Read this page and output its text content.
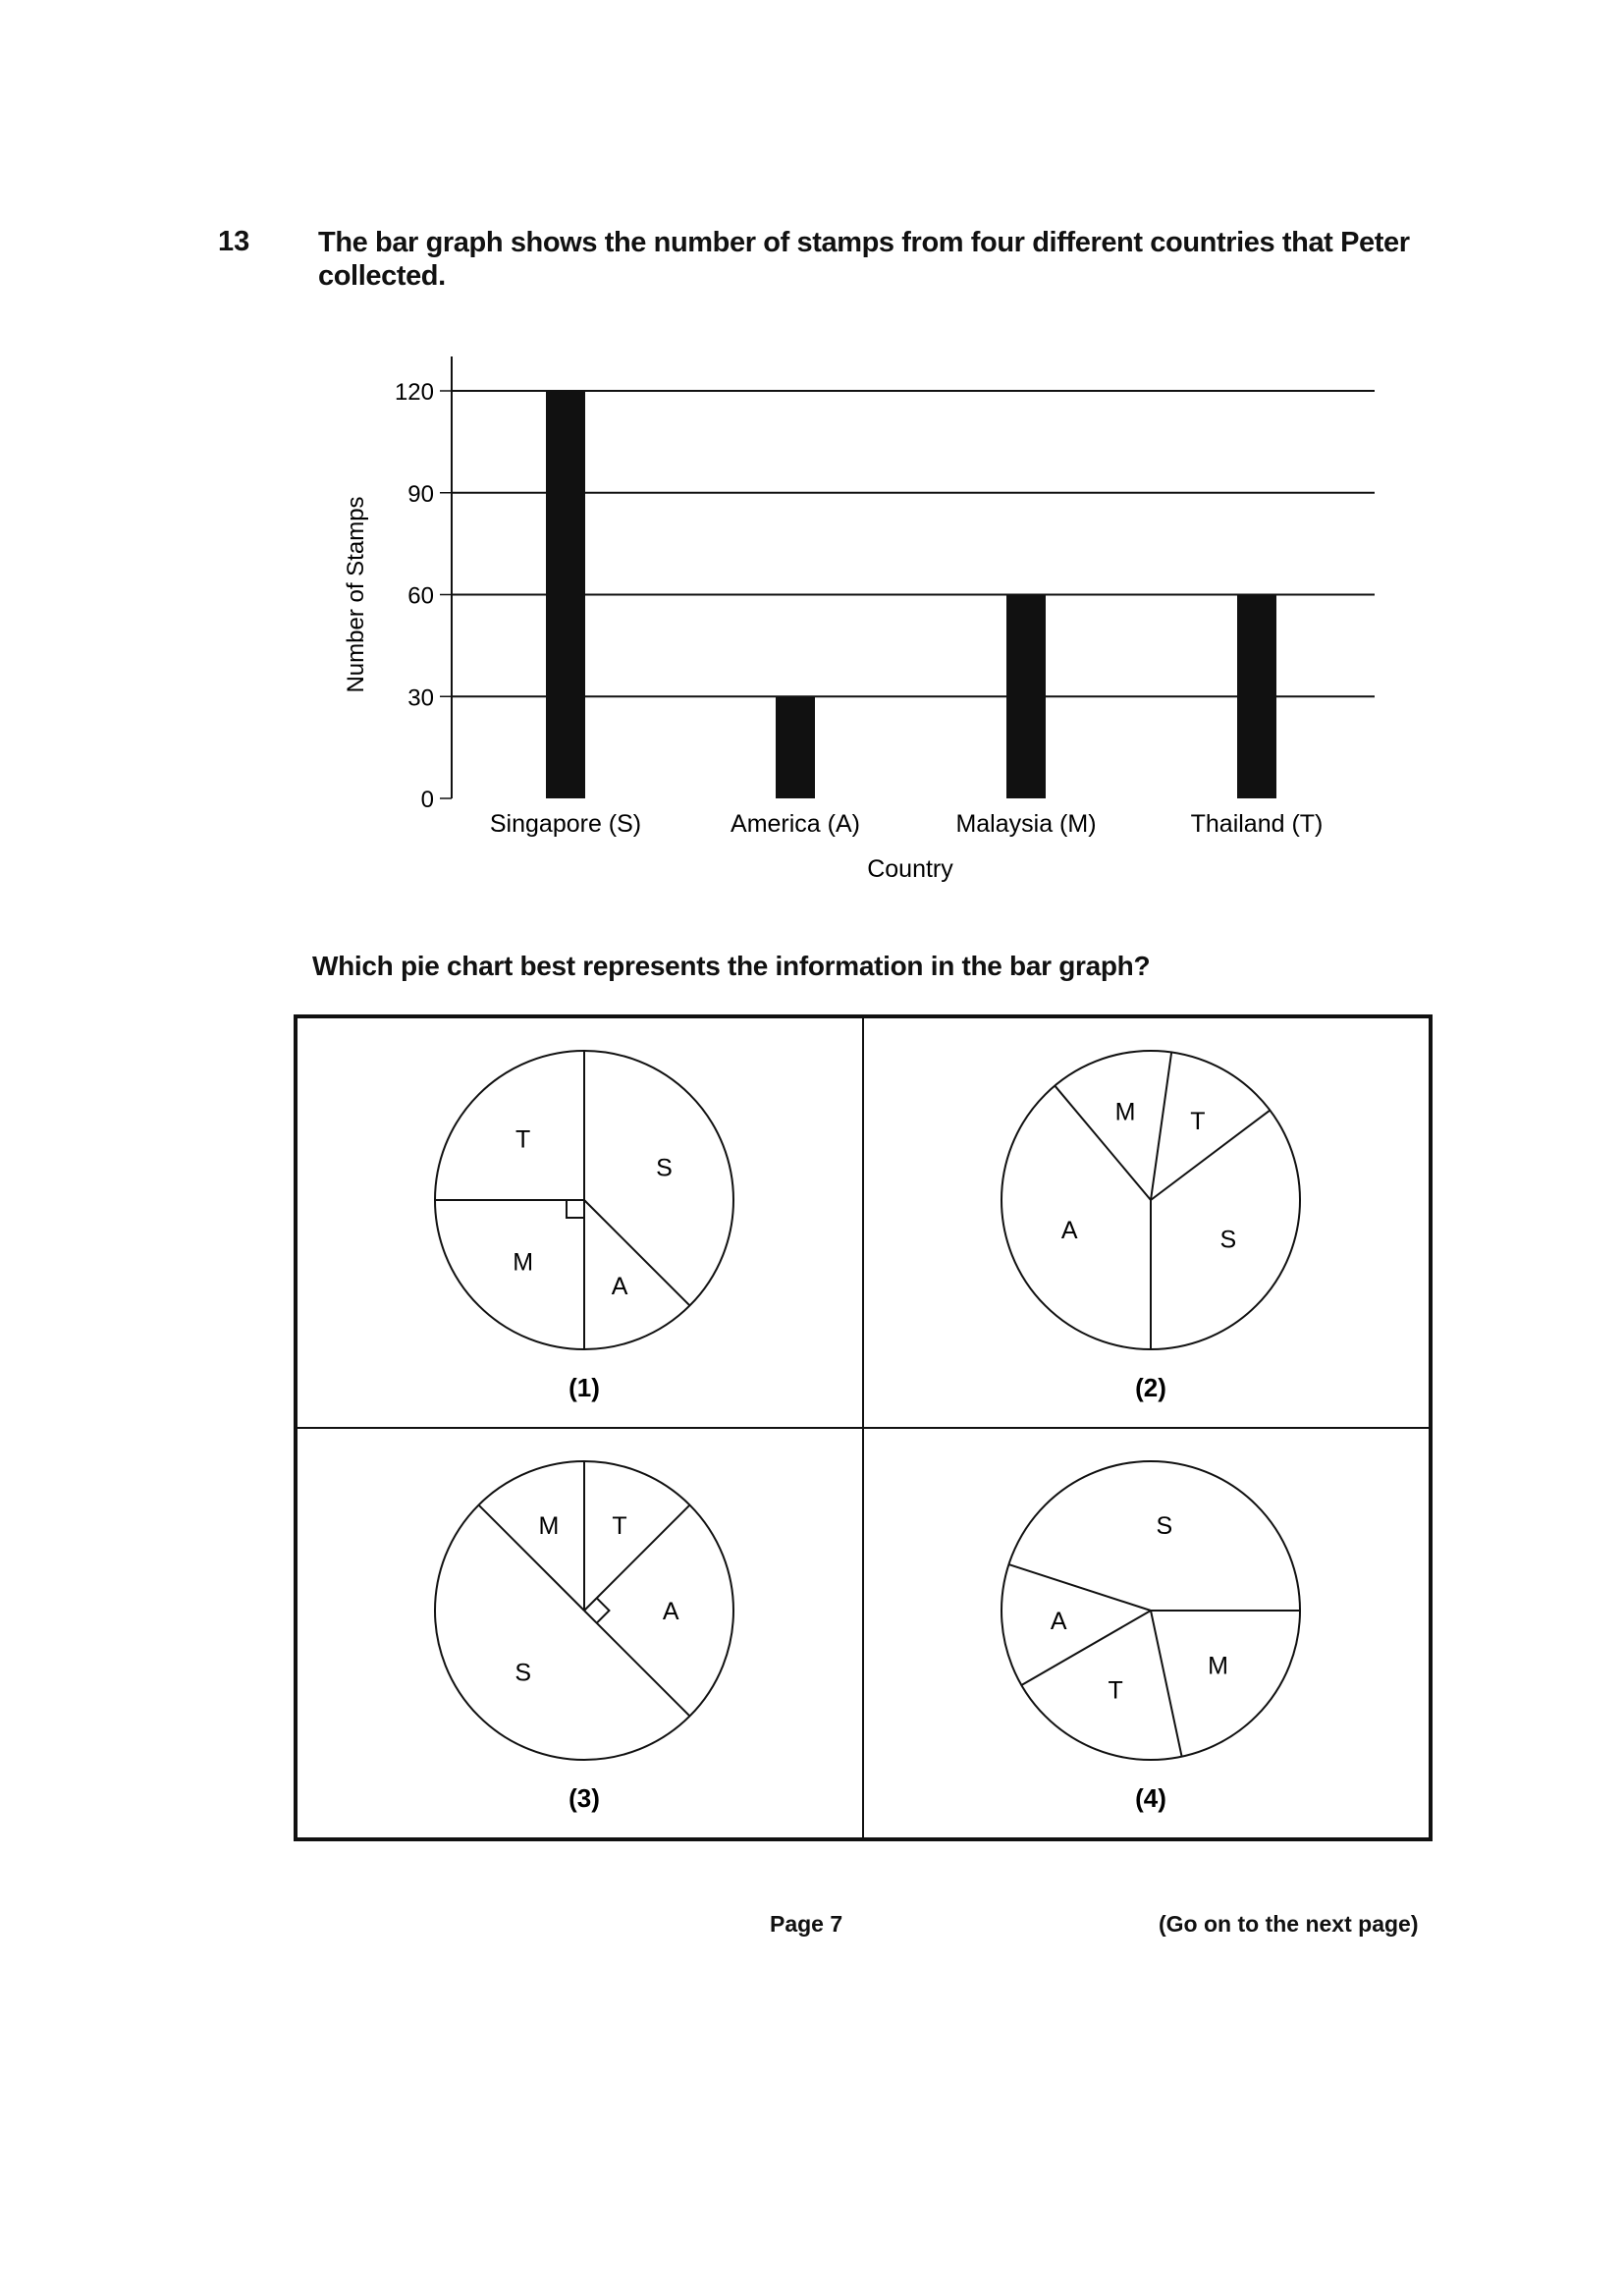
13 The bar graph shows the number of stamps from four different countries that Peter collected.
0
30
60
90
120
Number of Stamps
Singapore (S)	America (A)	Malaysia (M)	Thailand (T)
Country
Which pie chart best represents the information in the bar graph?
S
A
M
T
(1)
A
M T
S
(2)
S
M T
A
(3)
M
T
A
S
(4)
Page 7	(Go on to the next page)
